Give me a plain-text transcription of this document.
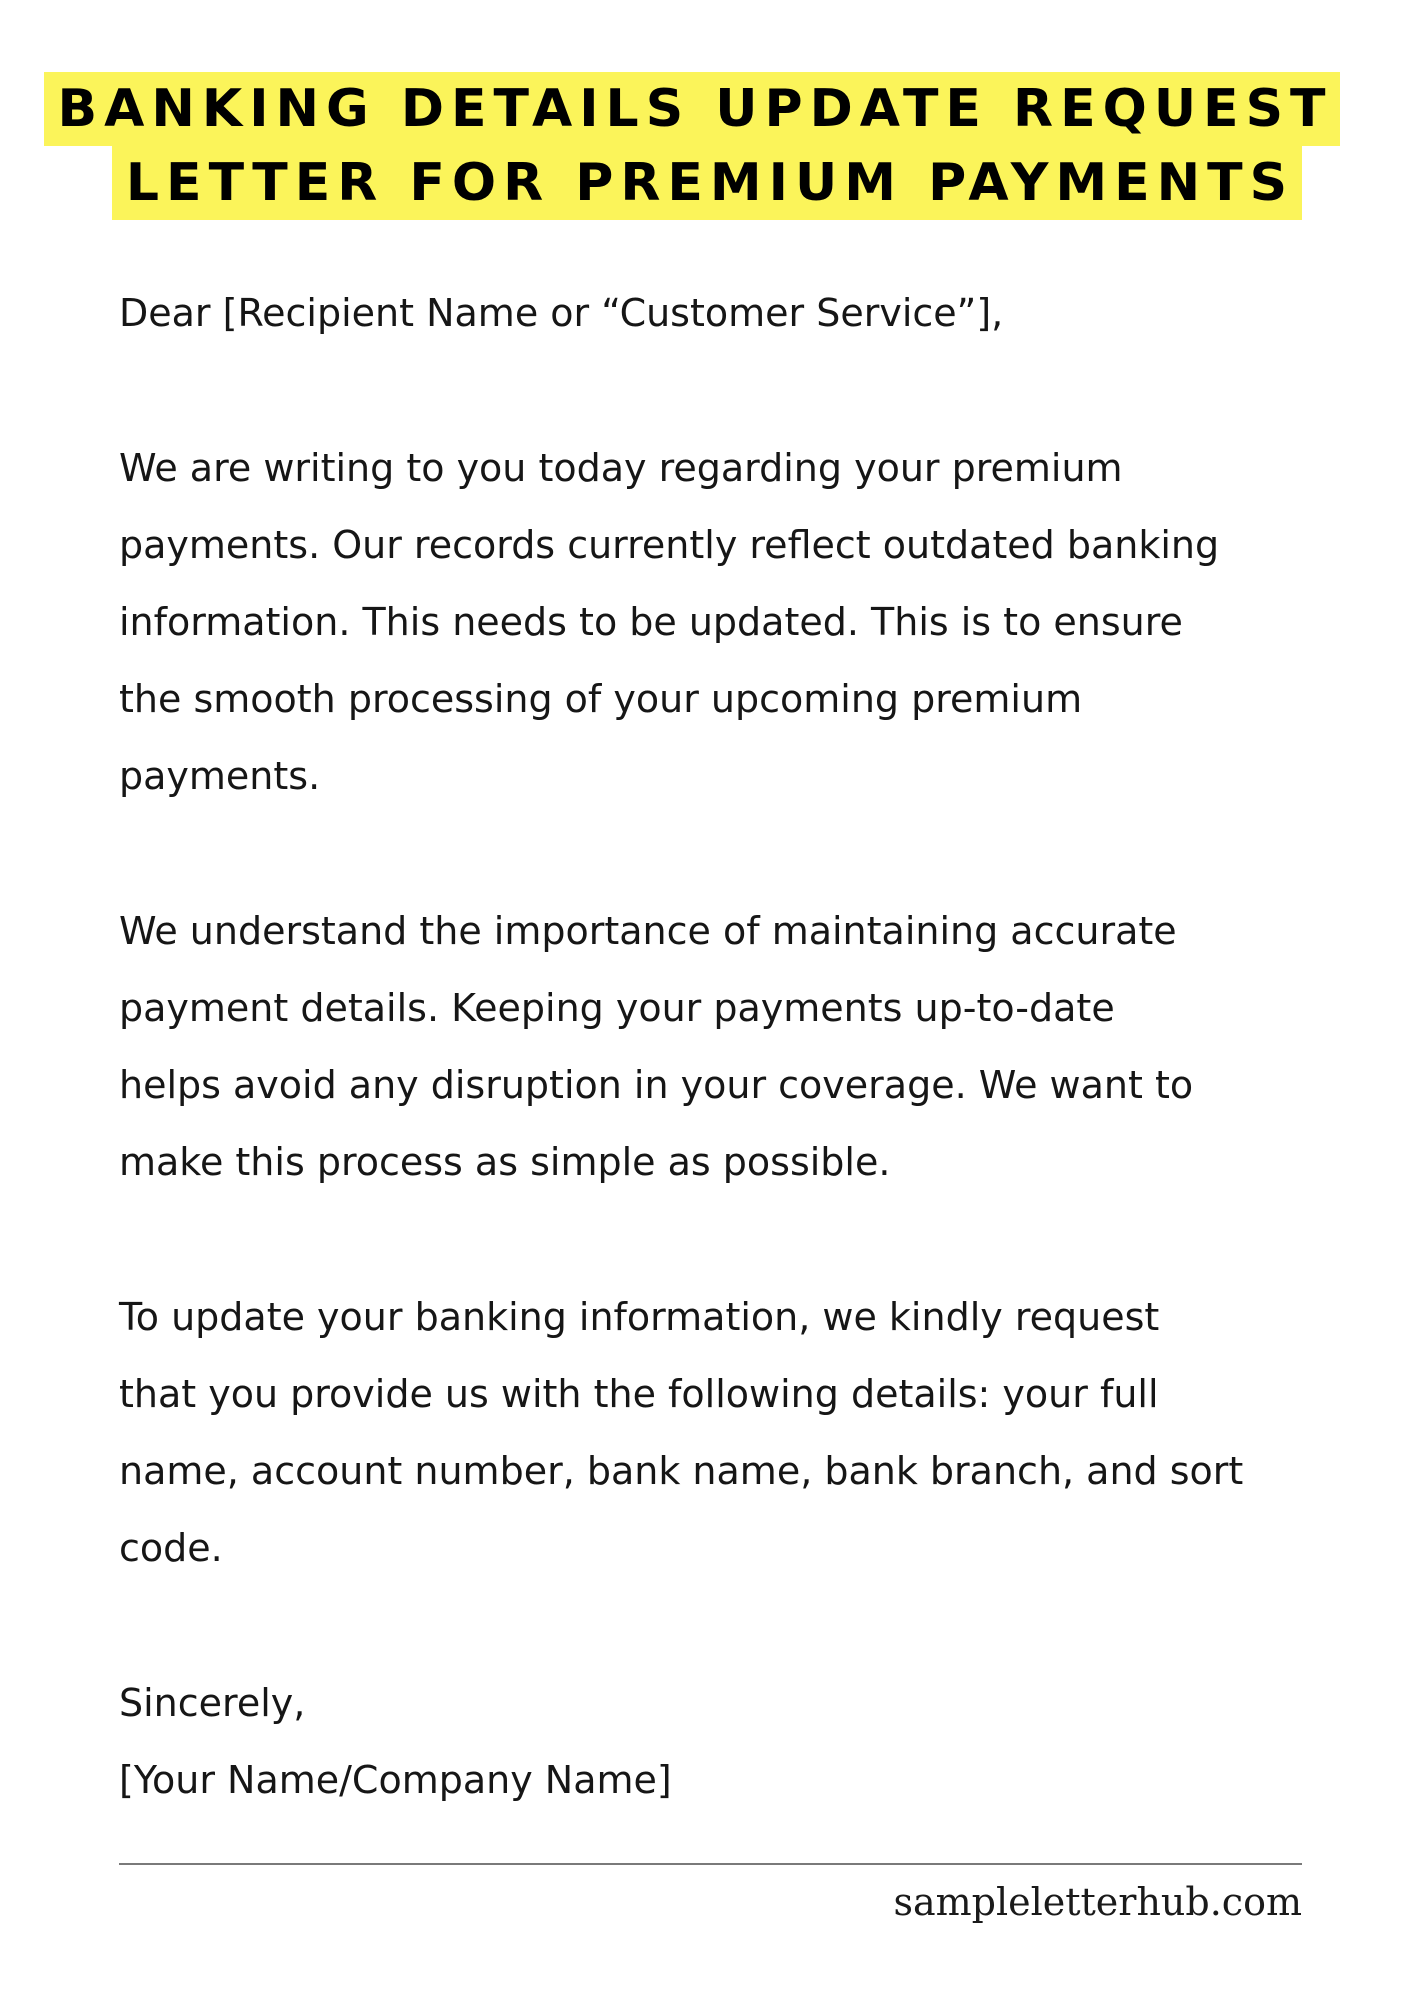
BANKING DETAILS UPDATE REQUEST
LETTER FOR PREMIUM PAYMENTS
Dear [Recipient Name or “Customer Service”],
We are writing to you today regarding your premium
payments. Our records currently reflect outdated banking
information. This needs to be updated. This is to ensure
the smooth processing of your upcoming premium
payments.
We understand the importance of maintaining accurate
payment details. Keeping your payments up-to-date
helps avoid any disruption in your coverage. We want to
make this process as simple as possible.
To update your banking information, we kindly request
that you provide us with the following details: your full
name, account number, bank name, bank branch, and sort
code.
Sincerely,
[Your Name/Company Name]
sampleletterhub.com
